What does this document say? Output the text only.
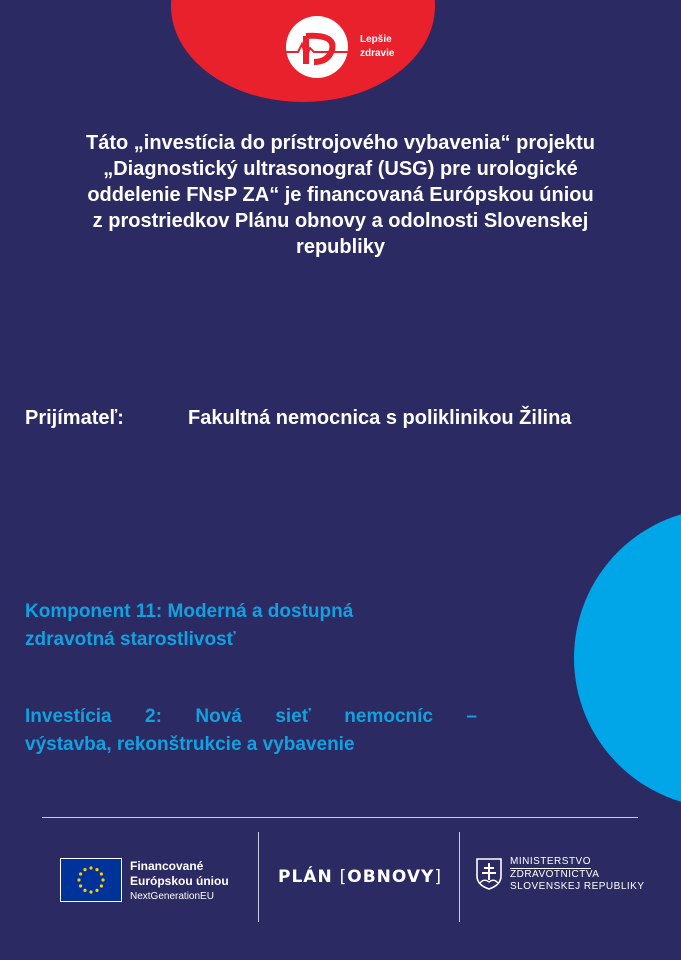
Lepšie
zdravie
Táto „investícia do prístrojového vybavenia“ projektu
„Diagnostický ultrasonograf (USG) pre urologické
oddelenie FNsP ZA“ je financovaná Európskou úniou
z prostriedkov Plánu obnovy a odolnosti Slovenskej
republiky
Prijímateľ:	Fakultná nemocnica s poliklinikou Žilina
Komponent 11: Moderná a dostupná
zdravotná starostlivosť
Investícia 2: Nová sieť nemocníc –
výstavba, rekonštrukcie a vybavenie
Financované
Európskou úniou
NextGenerationEU
PLÁN [OBNOVY]
MINISTERSTVO
ZDRAVOTNÍCTVA
SLOVENSKEJ REPUBLIKY
